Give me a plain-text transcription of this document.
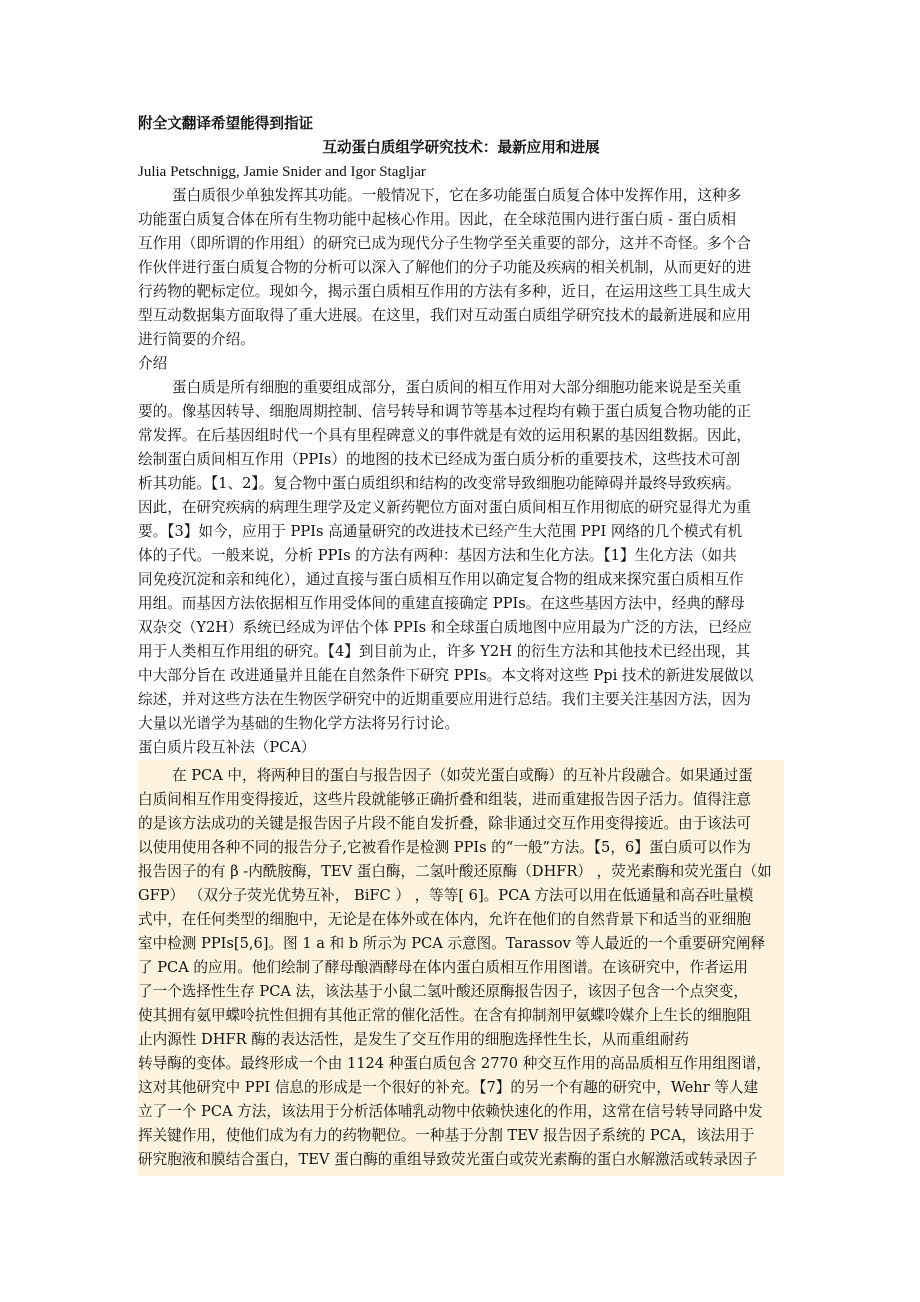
附全文翻译希望能得到指证
互动蛋白质组学研究技术：最新应用和进展
Julia Petschnigg, Jamie Snider and Igor Stagljar
蛋白质很少单独发挥其功能。一般情况下，它在多功能蛋白质复合体中发挥作用，这种多
功能蛋白质复合体在所有生物功能中起核心作用。因此，在全球范围内进行蛋白质 - 蛋白质相
互作用（即所谓的作用组）的研究已成为现代分子生物学至关重要的部分，这并不奇怪。多个合
作伙伴进行蛋白质复合物的分析可以深入了解他们的分子功能及疾病的相关机制，从而更好的进
行药物的靶标定位。现如今，揭示蛋白质相互作用的方法有多种，近日，在运用这些工具生成大
型互动数据集方面取得了重大进展。在这里，我们对互动蛋白质组学研究技术的最新进展和应用
进行简要的介绍。
介绍
蛋白质是所有细胞的重要组成部分，蛋白质间的相互作用对大部分细胞功能来说是至关重
要的。像基因转导、细胞周期控制、信号转导和调节等基本过程均有赖于蛋白质复合物功能的正
常发挥。在后基因组时代一个具有里程碑意义的事件就是有效的运用积累的基因组数据。因此，
绘制蛋白质间相互作用（PPIs）的地图的技术已经成为蛋白质分析的重要技术，这些技术可剖
析其功能。【1、2】。复合物中蛋白质组织和结构的改变常导致细胞功能障碍并最终导致疾病。
因此，在研究疾病的病理生理学及定义新药靶位方面对蛋白质间相互作用彻底的研究显得尤为重
要。【3】如今，应用于 PPIs 高通量研究的改进技术已经产生大范围 PPI 网络的几个模式有机
体的子代。一般来说，分析 PPIs 的方法有两种：基因方法和生化方法。【1】生化方法（如共
同免疫沉淀和亲和纯化），通过直接与蛋白质相互作用以确定复合物的组成来探究蛋白质相互作
用组。而基因方法依据相互作用受体间的重建直接确定 PPIs。在这些基因方法中，经典的酵母
双杂交（Y2H）系统已经成为评估个体 PPIs 和全球蛋白质地图中应用最为广泛的方法，已经应
用于人类相互作用组的研究。【4】到目前为止，许多 Y2H 的衍生方法和其他技术已经出现，其
中大部分旨在 改进通量并且能在自然条件下研究 PPIs。本文将对这些 Ppi 技术的新进发展做以
综述，并对这些方法在生物医学研究中的近期重要应用进行总结。我们主要关注基因方法，因为
大量以光谱学为基础的生物化学方法将另行讨论。
蛋白质片段互补法（PCA）
在 PCA 中，将两种目的蛋白与报告因子（如荧光蛋白或酶）的互补片段融合。如果通过蛋
白质间相互作用变得接近，这些片段就能够正确折叠和组装，进而重建报告因子活力。值得注意
的是该方法成功的关键是报告因子片段不能自发折叠，除非通过交互作用变得接近。由于该法可
以使用使用各种不同的报告分子,它被看作是检测 PPIs 的“一般”方法。【5，6】蛋白质可以作为
报告因子的有 β -内酰胺酶，TEV 蛋白酶，二氢叶酸还原酶（DHFR） ，荧光素酶和荧光蛋白（如
GFP） （双分子荧光优势互补， BiFC ） ，等等[ 6]。PCA 方法可以用在低通量和高吞吐量模
式中，在任何类型的细胞中，无论是在体外或在体内，允许在他们的自然背景下和适当的亚细胞
室中检测 PPIs[5,6]。图 1 a 和 b 所示为 PCA 示意图。Tarassov 等人最近的一个重要研究阐释
了 PCA 的应用。他们绘制了酵母酿酒酵母在体内蛋白质相互作用图谱。在该研究中，作者运用
了一个选择性生存 PCA 法，该法基于小鼠二氢叶酸还原酶报告因子，该因子包含一个点突变，
使其拥有氨甲蝶呤抗性但拥有其他正常的催化活性。在含有抑制剂甲氨蝶呤媒介上生长的细胞阻
止内源性 DHFR 酶的表达活性，是发生了交互作用的细胞选择性生长，从而重组耐药
转导酶的变体。最终形成一个由 1124 种蛋白质包含 2770 种交互作用的高品质相互作用组图谱，
这对其他研究中 PPI 信息的形成是一个很好的补充。【7】的另一个有趣的研究中，Wehr 等人建
立了一个 PCA 方法，该法用于分析活体哺乳动物中依赖快速化的作用，这常在信号转导同路中发
挥关键作用，使他们成为有力的药物靶位。一种基于分割 TEV 报告因子系统的 PCA，该法用于
研究胞液和膜结合蛋白，TEV 蛋白酶的重组导致荧光蛋白或荧光素酶的蛋白水解激活或转录因子
